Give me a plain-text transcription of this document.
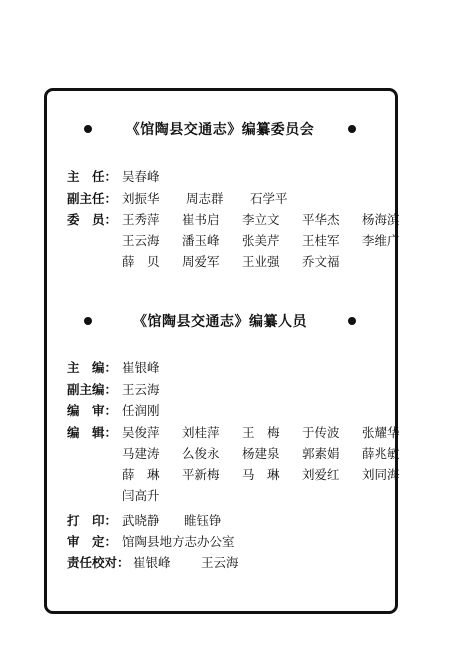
《馆陶县交通志》编纂委员会
主　任： 吴春峰
副主任： 刘振华 周志群 石学平
委　员： 王秀萍 崔书启 李立文 平华杰 杨海滨
王云海 潘玉峰 张美芹 王桂军 李维广
薛　贝 周爱军 王业强 乔文福
《馆陶县交通志》编纂人员
主　编： 崔银峰
副主编： 王云海
编　审： 任润刚
编　辑： 吴俊萍 刘桂萍 王　梅 于传波 张耀华
马建涛 么俊永 杨建泉 郭素娟 薛兆敏
薛　琳 平新梅 马　琳 刘爱红 刘同海
闫高升
打　印： 武晓静 睢钰铮
审　定： 馆陶县地方志办公室
责任校对： 崔银峰 王云海
